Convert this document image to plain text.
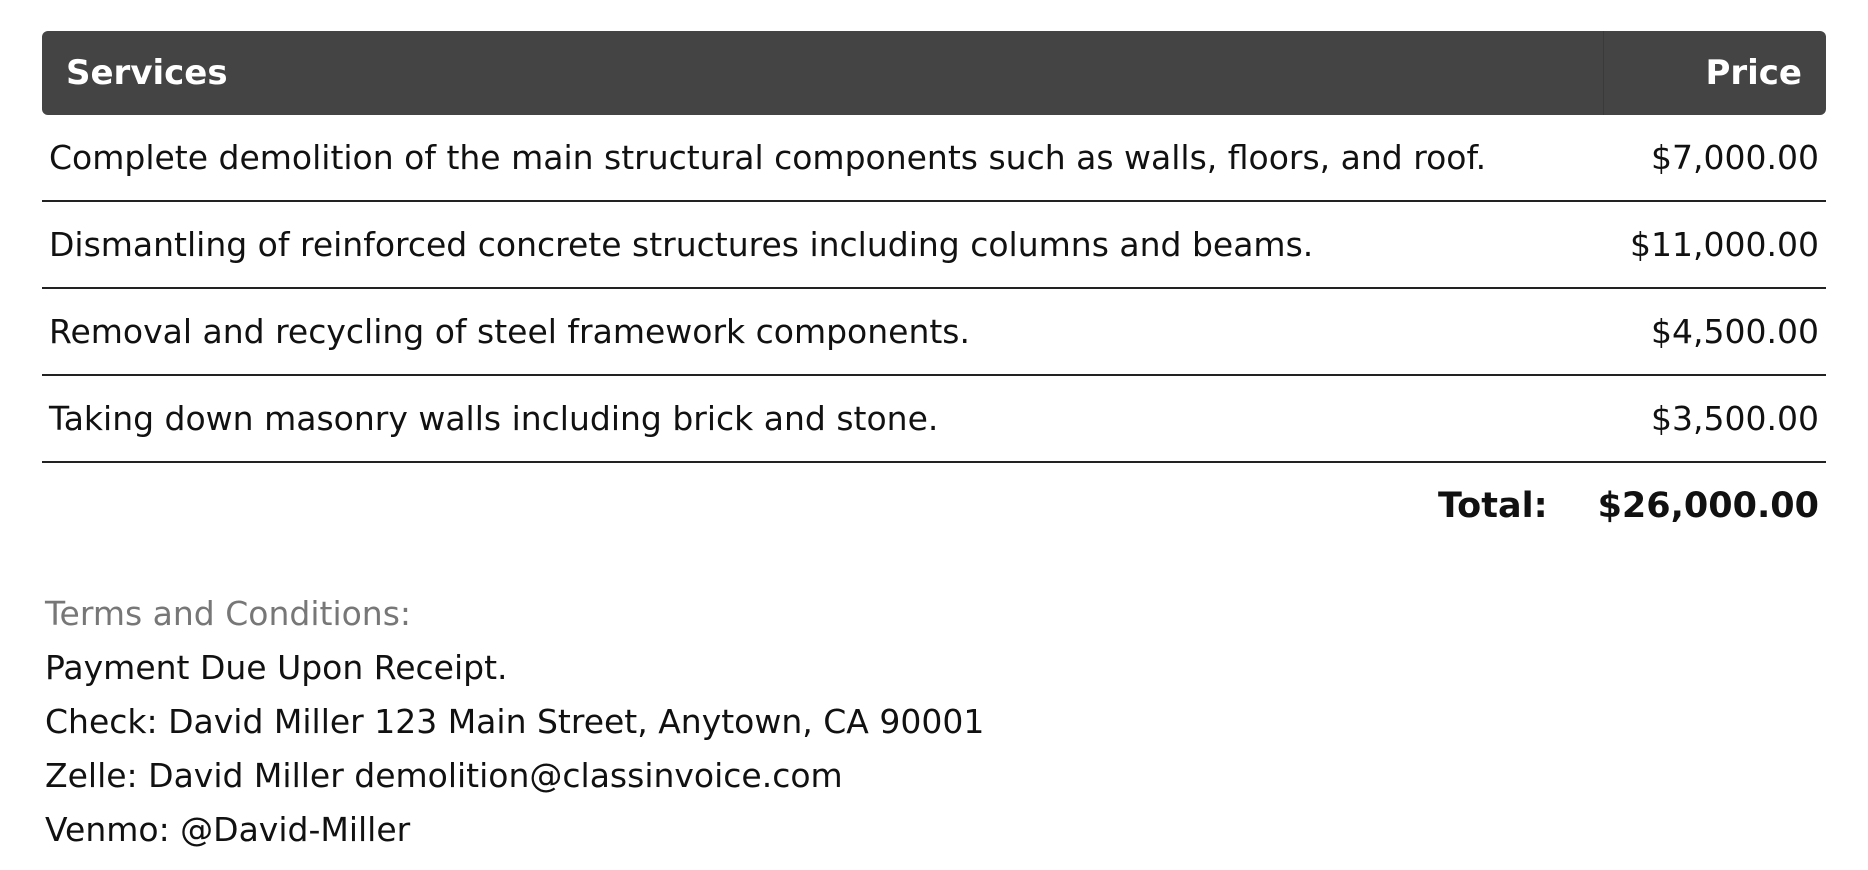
Services	Price
Complete demolition of the main structural components such as walls, floors, and roof.	$7,000.00
Dismantling of reinforced concrete structures including columns and beams.	$11,000.00
Removal and recycling of steel framework components.	$4,500.00
Taking down masonry walls including brick and stone.	$3,500.00
Total: $26,000.00
Terms and Conditions:
Payment Due Upon Receipt.
Check: David Miller 123 Main Street, Anytown, CA 90001
Zelle: David Miller demolition@classinvoice.com
Venmo: @David-Miller
